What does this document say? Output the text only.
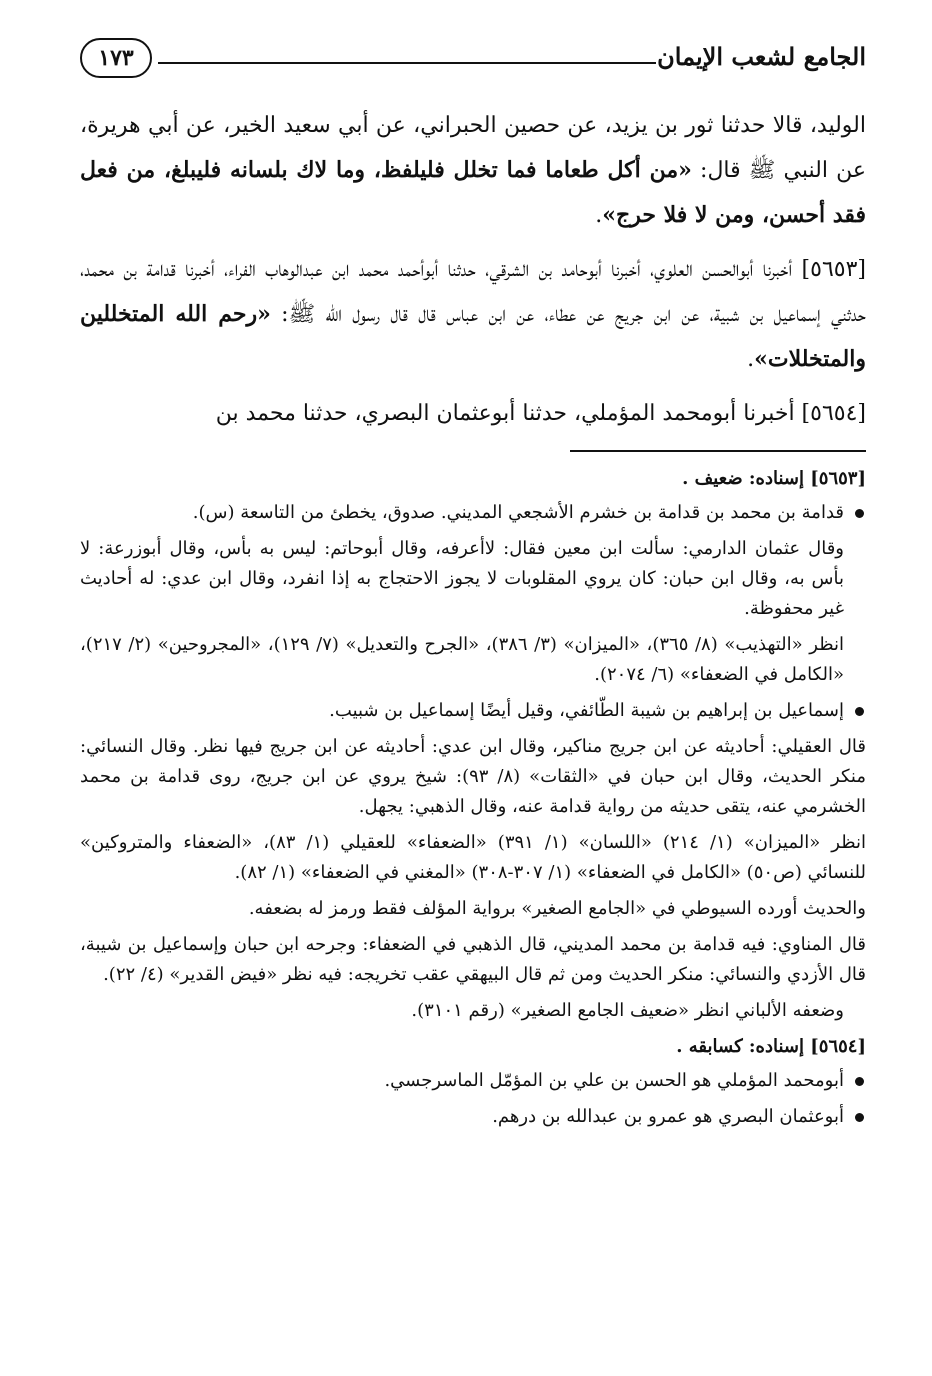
الجامع لشعب الإيمان
١٧٣

الوليد، قالا حدثنا ثور بن يزيد، عن حصين الحبراني، عن أبي سعيد الخير، عن أبي هريرة، عن النبي ﷺ قال: «من أكل طعاما فما تخلل فليلفظ، وما لاك بلسانه فليبلغ، من فعل فقد أحسن، ومن لا فلا حرج».

[٥٦٥٣] أخبرنا أبوالحسن العلوي، أخبرنا أبوحامد بن الشرقي، حدثنا أبوأحمد محمد ابن عبدالوهاب الفراء، أخبرنا قدامة بن محمد، حدثني إسماعيل بن شبية، عن ابن جريج عن عطاء، عن ابن عباس قال قال رسول الله ﷺ: «رحم الله المتخللين والمتخللات».

[٥٦٥٤] أخبرنا أبومحمد المؤملي، حدثنا أبوعثمان البصري، حدثنا محمد بن

[٥٦٥٣] إسناده: ضعيف .
قدامة بن محمد بن قدامة بن خشرم الأشجعي المديني. صدوق، يخطئ من التاسعة (س).
وقال عثمان الدارمي: سألت ابن معين فقال: لاأعرفه، وقال أبوحاتم: ليس به بأس، وقال أبوزرعة: لا بأس به، وقال ابن حبان: كان يروي المقلوبات لا يجوز الاحتجاج به إذا انفرد، وقال ابن عدي: له أحاديث غير محفوظة.
انظر «التهذيب» (٨/ ٣٦٥)، «الميزان» (٣/ ٣٨٦)، «الجرح والتعديل» (٧/ ١٢٩)، «المجروحين» (٢/ ٢١٧)، «الكامل في الضعفاء» (٦/ ٢٠٧٤).
إسماعيل بن إبراهيم بن شيبة الطّائفي، وقيل أيضًا إسماعيل بن شبيب.
قال العقيلي: أحاديثه عن ابن جريج مناكير، وقال ابن عدي: أحاديثه عن ابن جريج فيها نظر. وقال النسائي: منكر الحديث، وقال ابن حبان في «الثقات» (٨/ ٩٣): شيخ يروي عن ابن جريج، روى قدامة بن محمد الخشرمي عنه، يتقى حديثه من رواية قدامة عنه، وقال الذهبي: يجهل.
انظر «الميزان» (١/ ٢١٤) «اللسان» (١/ ٣٩١) «الضعفاء» للعقيلي (١/ ٨٣)، «الضعفاء والمتروكين» للنسائي (ص٥٠) «الكامل في الضعفاء» (١/ ٣٠٧-٣٠٨) «المغني في الضعفاء» (١/ ٨٢).
والحديث أورده السيوطي في «الجامع الصغير» برواية المؤلف فقط ورمز له بضعفه.
قال المناوي: فيه قدامة بن محمد المديني، قال الذهبي في الضعفاء: وجرحه ابن حبان وإسماعيل بن شيبة، قال الأزدي والنسائي: منكر الحديث ومن ثم قال البيهقي عقب تخريجه: فيه نظر «فيض القدير» (٤/ ٢٢).
وضعفه الألباني انظر «ضعيف الجامع الصغير» (رقم ٣١٠١).
[٥٦٥٤] إسناده: كسابقه .
أبومحمد المؤملي هو الحسن بن علي بن المؤمّل الماسرجسي.
أبوعثمان البصري هو عمرو بن عبدالله بن درهم.
